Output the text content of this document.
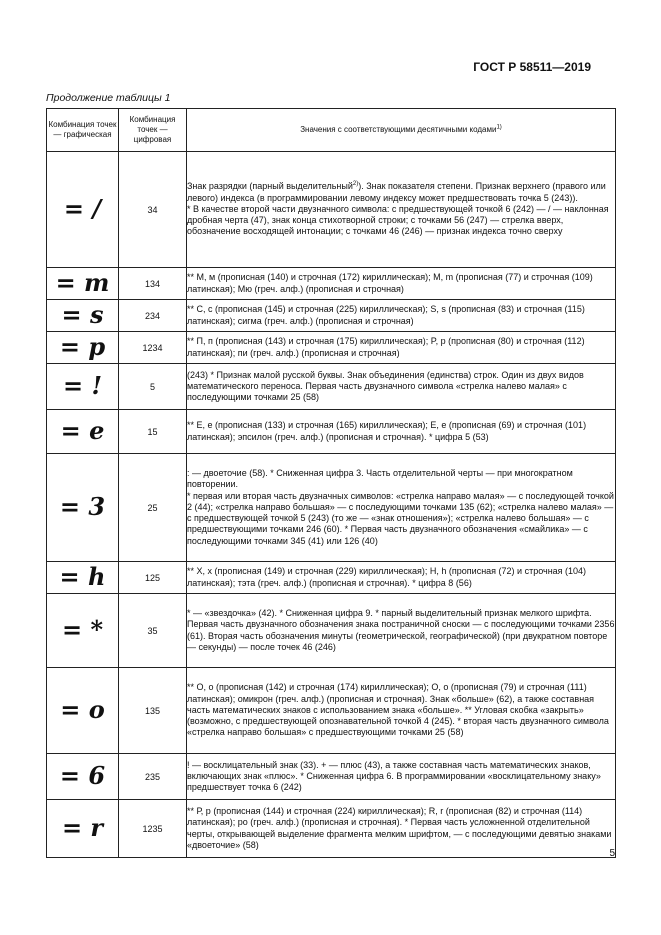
ГОСТ Р 58511—2019
Продолжение таблицы 1
Комбинация точек — графическая	Комбинация точек — цифровая	Значения с соответствующими десятичными кодами$^{1)}$
= /	34	Знак разрядки (парный выделительный$^{2)}$). Знак показателя степени. Признак верхнего (правого или левого) индекса (в программировании левому индексу может предшествовать точка 5 (243)).
* В качестве второй части двузначного символа: с предшествующей точкой 6 (242) — / — наклонная дробная черта (47), знак конца стихотворной строки; с точками 56 (247) — стрелка вверх, обозначение восходящей интонации; с точками 46 (246) — признак индекса точно сверху
= m	134	** М, м (прописная (140) и строчная (172) кириллическая); M, m (прописная (77) и строчная (109) латинская); Мю (греч. алф.) (прописная и строчная)
= s	234	** С, с (прописная (145) и строчная (225) кириллическая); S, s (прописная (83) и строчная (115) латинская); сигма (греч. алф.) (прописная и строчная)
= p	1234	** П, п (прописная (143) и строчная (175) кириллическая); P, p (прописная (80) и строчная (112) латинская); пи (греч. алф.) (прописная и строчная)
= !	5	(243) * Признак малой русской буквы. Знак объединения (единства) строк. Один из двух видов математического переноса. Первая часть двузначного символа «стрелка налево малая» с последующими точками 25 (58)
= e	15	** Е, е (прописная (133) и строчная (165) кириллическая); E, e (прописная (69) и строчная (101) латинская); эпсилон (греч. алф.) (прописная и строчная). * цифра 5 (53)
= 3	25	: — двоеточие (58). * Сниженная цифра 3. Часть отделительной черты — при многократном повторении.
* первая или вторая часть двузначных символов: «стрелка направо малая» — с последующей точкой 2 (44); «стрелка направо большая» — с последующими точками 135 (62); «стрелка налево малая» — с предшествующей точкой 5 (243) (то же — «знак отношения»); «стрелка налево большая» — с предшествующими точками 246 (60). * Первая часть двузначного обозначения «смайлика» — с последующими точками 345 (41) или 126 (40)
= h	125	** Х, х (прописная (149) и строчная (229) кириллическая); H, h (прописная (72) и строчная (104) латинская); тэта (греч. алф.) (прописная и строчная). * цифра 8 (56)
= *	35	* — «звездочка» (42). * Сниженная цифра 9. * парный выделительный признак мелкого шрифта. Первая часть двузначного обозначения знака постраничной сноски — с последующими точками 2356 (61). Вторая часть обозначения минуты (геометрической, географической) (при двукратном повторе — секунды) — после точек 46 (246)
= o	135	** О, о (прописная (142) и строчная (174) кириллическая); O, o (прописная (79) и строчная (111) латинская); омикрон (греч. алф.) (прописная и строчная). Знак «больше» (62), а также составная часть математических знаков с использованием знака «больше». ** Угловая скобка «закрыть» (возможно, с предшествующей опознавательной точкой 4 (245). * вторая часть двузначного символа «стрелка направо большая» с предшествующими точками 25 (58)
= 6	235	! — восклицательный знак (33). + — плюс (43), а также составная часть математических знаков, включающих знак «плюс». * Сниженная цифра 6. В программировании «восклицательному знаку» предшествует точка 6 (242)
= r	1235	** Р, р (прописная (144) и строчная (224) кириллическая); R, r (прописная (82) и строчная (114) латинская); ро (греч. алф.) (прописная и строчная). * Первая часть усложненной отделительной черты, открывающей выделение фрагмента мелким шрифтом, — с последующими девятью знаками «двоеточие» (58)
5
